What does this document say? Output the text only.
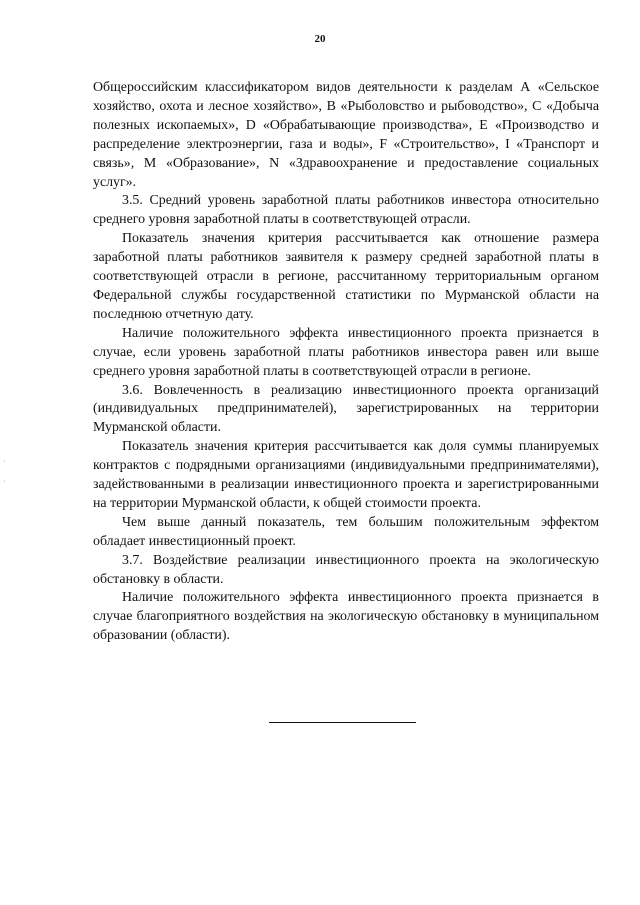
20

Общероссийским классификатором видов деятельности к разделам А «Сельское хозяйство, охота и лесное хозяйство», В «Рыболовство и рыбоводство», С «Добыча полезных ископаемых», D «Обрабатывающие производства», Е «Производство и распределение электроэнергии, газа и воды», F «Строительство», I «Транспорт и связь», М «Образование», N «Здравоохранение и предоставление социальных услуг».

3.5. Средний уровень заработной платы работников инвестора относительно среднего уровня заработной платы в соответствующей отрасли.

Показатель значения критерия рассчитывается как отношение размера заработной платы работников заявителя к размеру средней заработной платы в соответствующей отрасли в регионе, рассчитанному территориальным органом Федеральной службы государственной статистики по Мурманской области на последнюю отчетную дату.

Наличие положительного эффекта инвестиционного проекта признается в случае, если уровень заработной платы работников инвестора равен или выше среднего уровня заработной платы в соответствующей отрасли в регионе.

3.6. Вовлеченность в реализацию инвестиционного проекта организаций (индивидуальных предпринимателей), зарегистрированных на территории Мурманской области.

Показатель значения критерия рассчитывается как доля суммы планируемых контрактов с подрядными организациями (индивидуальными предпринимателями), задействованными в реализации инвестиционного проекта и зарегистрированными на территории Мурманской области, к общей стоимости проекта.

Чем выше данный показатель, тем большим положительным эффектом обладает инвестиционный проект.

3.7. Воздействие реализации инвестиционного проекта на экологическую обстановку в области.

Наличие положительного эффекта инвестиционного проекта признается в случае благоприятного воздействия на экологическую обстановку в муниципальном образовании (области).

·
·
